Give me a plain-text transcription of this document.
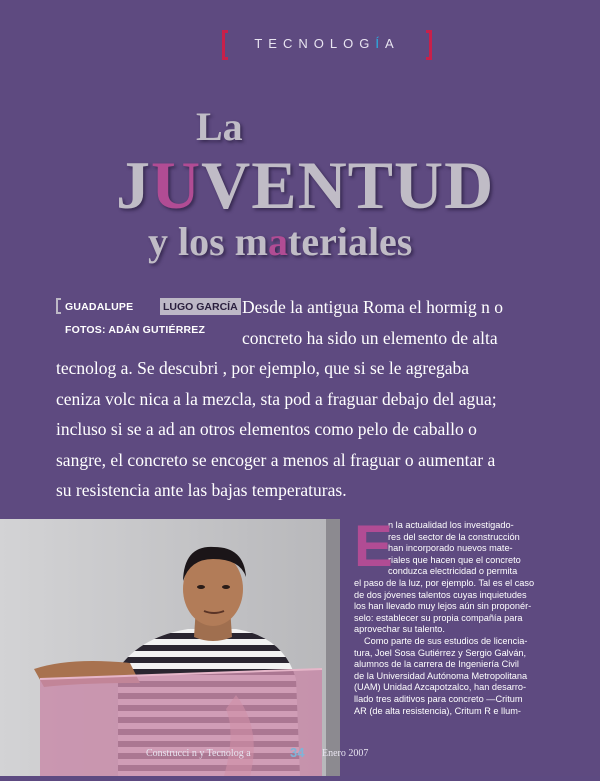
TECNOLOGÍA
La
JUVENTUD
y los materiales
GUADALUPE	LUGO GARCÍA
FOTOS: ADÁN GUTIÉRREZ
Desde la antigua Roma el hormig n o
concreto ha sido un elemento de alta
tecnolog a. Se descubri , por ejemplo, que si se le agregaba
ceniza volc nica a la mezcla, sta pod a fraguar debajo del agua;
incluso si se a ad an otros elementos como pelo de caballo o
sangre, el concreto se encoger a menos al fraguar o aumentar a
su resistencia ante las bajas temperaturas.
n la actualidad los investigado-
res del sector de la construcción
han incorporado nuevos mate-
riales que hacen que el concreto
conduzca electricidad o permita
el paso de la luz, por ejemplo. Tal es el caso
de dos jóvenes talentos cuyas inquietudes
los han llevado muy lejos aún sin proponér-
selo: establecer su propia compañía para
aprovechar su talento.
Como parte de sus estudios de licencia-
tura, Joel Sosa Gutiérrez y Sergio Galván,
alumnos de la carrera de Ingeniería Civil
de la Universidad Autónoma Metropolitana
(UAM) Unidad Azcapotzalco, han desarro-
llado tres aditivos para concreto —Critum
AR (de alta resistencia), Critum R e llum-
E
Construcci n y Tecnolog a	34 Enero 2007
